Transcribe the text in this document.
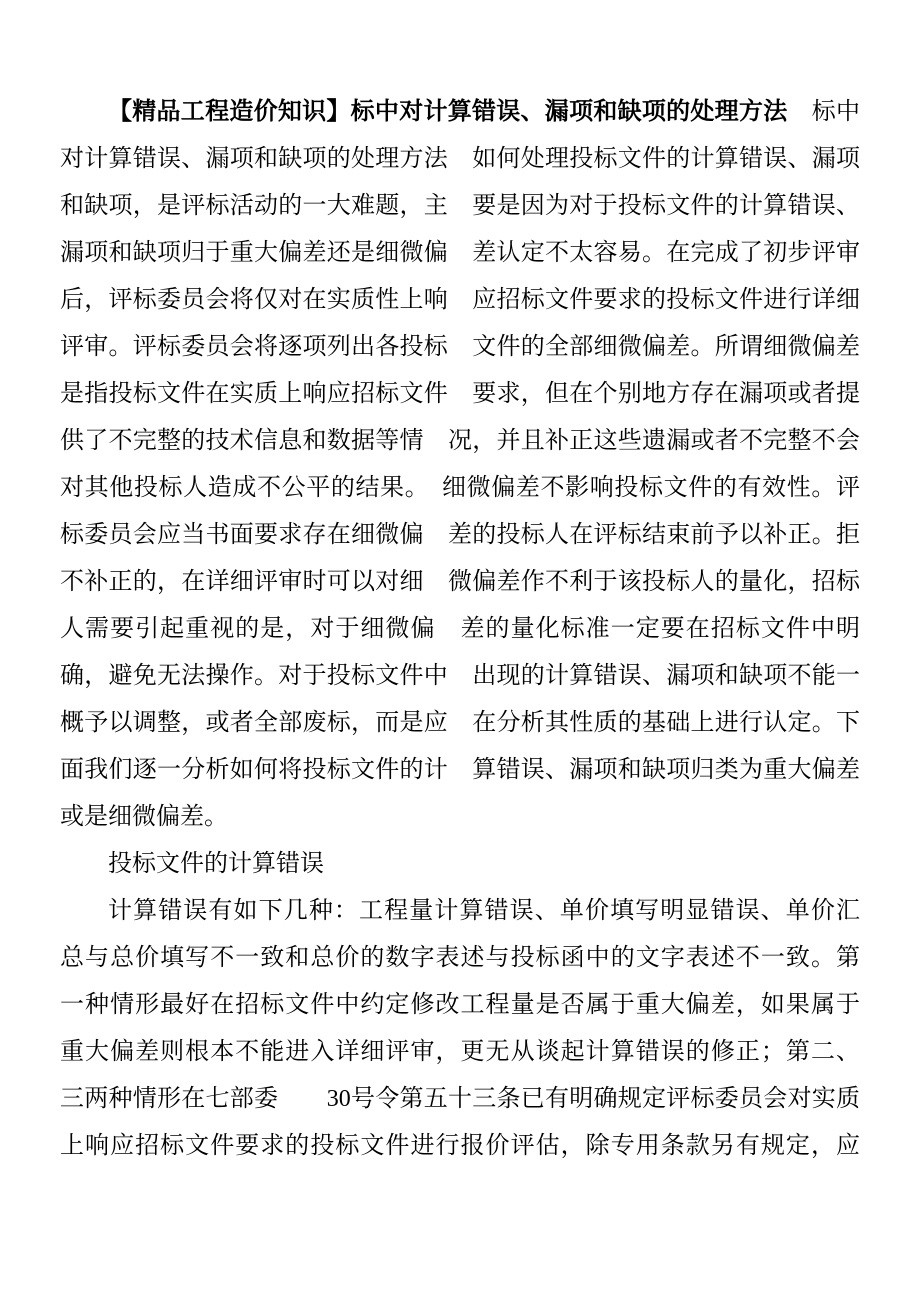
【精品工程造价知识】标中对计算错误、漏项和缺项的处理方法　标中
对计算错误、漏项和缺项的处理方法　如何处理投标文件的计算错误、漏项
和缺项，是评标活动的一大难题，主　要是因为对于投标文件的计算错误、
漏项和缺项归于重大偏差还是细微偏　差认定不太容易。在完成了初步评审
后，评标委员会将仅对在实质性上响　应招标文件要求的投标文件进行详细
评审。评标委员会将逐项列出各投标　文件的全部细微偏差。所谓细微偏差
是指投标文件在实质上响应招标文件　要求，但在个别地方存在漏项或者提
供了不完整的技术信息和数据等情　况，并且补正这些遗漏或者不完整不会
对其他投标人造成不公平的结果。　细微偏差不影响投标文件的有效性。评
标委员会应当书面要求存在细微偏　差的投标人在评标结束前予以补正。拒
不补正的，在详细评审时可以对细　微偏差作不利于该投标人的量化，招标
人需要引起重视的是，对于细微偏　差的量化标准一定要在招标文件中明
确，避免无法操作。对于投标文件中　出现的计算错误、漏项和缺项不能一
概予以调整，或者全部废标，而是应　在分析其性质的基础上进行认定。下
面我们逐一分析如何将投标文件的计　算错误、漏项和缺项归类为重大偏差
或是细微偏差。
投标文件的计算错误
计算错误有如下几种：工程量计算错误、单价填写明显错误、单价汇
总与总价填写不一致和总价的数字表述与投标函中的文字表述不一致。第
一种情形最好在招标文件中约定修改工程量是否属于重大偏差，如果属于
重大偏差则根本不能进入详细评审，更无从谈起计算错误的修正；第二、
三两种情形在七部委　　30号令第五十三条已有明确规定评标委员会对实质
上响应招标文件要求的投标文件进行报价评估，除专用条款另有规定，应
